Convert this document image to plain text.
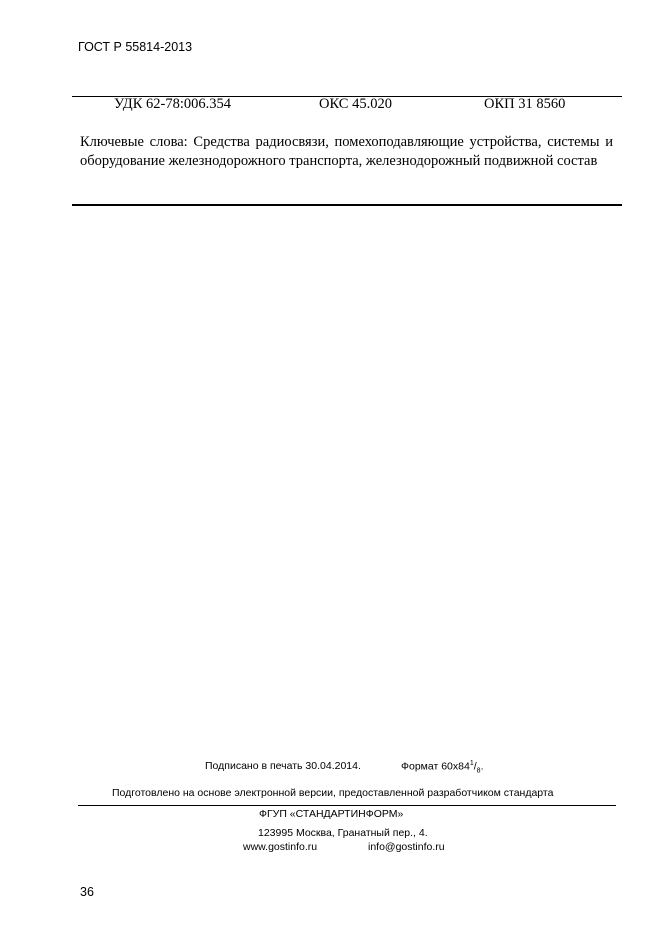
ГОСТ Р 55814-2013
УДК 62-78:006.354	ОКС 45.020	ОКП 31 8560
Ключевые слова: Средства радиосвязи, помехоподавляющие устройства, системы и оборудование железнодорожного транспорта, железнодорожный подвижной состав
Подписано в печать 30.04.2014.	Формат $60х84^1/_8$.
Подготовлено на основе электронной версии, предоставленной разработчиком стандарта
ФГУП «СТАНДАРТИНФОРМ»
123995 Москва, Гранатный пер., 4.
www.gostinfo.ru	info@gostinfo.ru
36
